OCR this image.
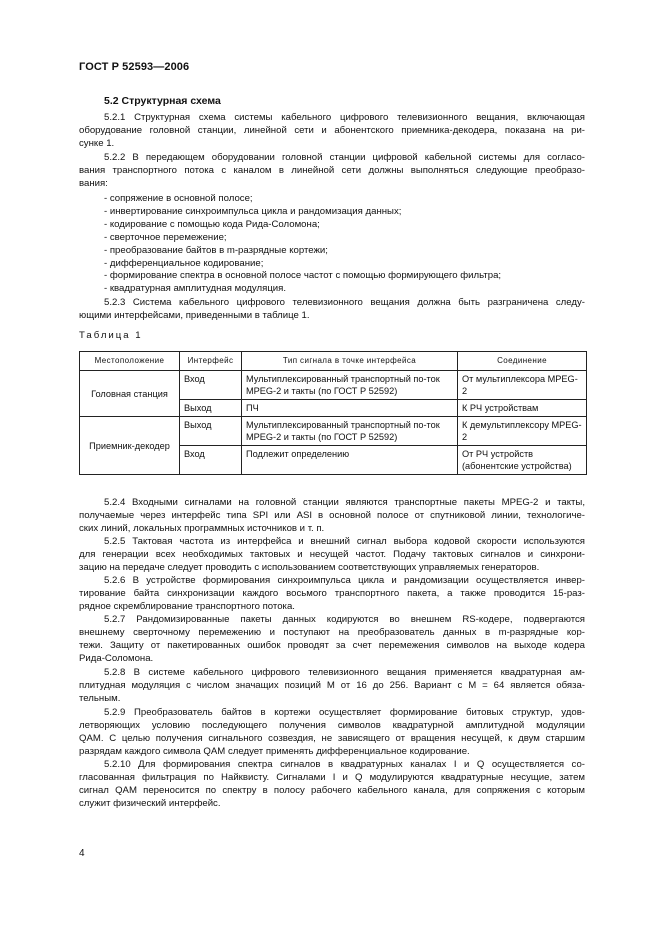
ГОСТ Р 52593—2006
5.2 Структурная схема
5.2.1 Структурная схема системы кабельного цифрового телевизионного вещания, включающая
оборудование головной станции, линейной сети и абонентского приемника-декодера, показана на ри-
сунке 1.
5.2.2 В передающем оборудовании головной станции цифровой кабельной системы для согласо-
вания транспортного потока с каналом в линейной сети должны выполняться следующие преобразо-
вания:
- сопряжение в основной полосе;
- инвертирование синхроимпульса цикла и рандомизация данных;
- кодирование с помощью кода Рида-Соломона;
- сверточное перемежение;
- преобразование байтов в m-разрядные кортежи;
- дифференциальное кодирование;
- формирование спектра в основной полосе частот с помощью формирующего фильтра;
- квадратурная амплитудная модуляция.
5.2.3 Система кабельного цифрового телевизионного вещания должна быть разграничена следу-
ющими интерфейсами, приведенными в таблице 1.
Таблица 1
Местоположение	Интерфейс	Тип сигнала в точке интерфейса	Соединение
Головная станция	Вход	Мультиплексированный транспортный по-ток MPEG-2 и такты (по ГОСТ Р 52592)	От мультиплексора MPEG-2
	Выход	ПЧ	К РЧ устройствам
Приемник-декодер	Выход	Мультиплексированный транспортный по-ток MPEG-2 и такты (по ГОСТ Р 52592)	К демультиплексору MPEG-2
	Вход	Подлежит определению	От РЧ устройств (абонентские устройства)
5.2.4 Входными сигналами на головной станции являются транспортные пакеты MPEG-2 и такты,
получаемые через интерфейс типа SPI или ASI в основной полосе от спутниковой линии, технологиче-
ских линий, локальных программных источников и т. п.
5.2.5 Тактовая частота из интерфейса и внешний сигнал выбора кодовой скорости используются
для генерации всех необходимых тактовых и несущей частот. Подачу тактовых сигналов и синхрони-
зацию на передаче следует проводить с использованием соответствующих управляемых генераторов.
5.2.6 В устройстве формирования синхроимпульса цикла и рандомизации осуществляется инвер-
тирование байта синхронизации каждого восьмого транспортного пакета, а также проводится 15-раз-
рядное скремблирование транспортного потока.
5.2.7 Рандомизированные пакеты данных кодируются во внешнем RS-кодере, подвергаются
внешнему сверточному перемежению и поступают на преобразователь данных в m-разрядные кор-
тежи. Защиту от пакетированных ошибок проводят за счет перемежения символов на выходе кодера
Рида-Соломона.
5.2.8 В системе кабельного цифрового телевизионного вещания применяется квадратурная ам-
плитудная модуляция с числом значащих позиций M от 16 до 256. Вариант с M = 64 является обяза-
тельным.
5.2.9 Преобразователь байтов в кортежи осуществляет формирование битовых структур, удов-
летворяющих условию последующего получения символов квадратурной амплитудной модуляции
QAM. С целью получения сигнального созвездия, не зависящего от вращения несущей, к двум старшим
разрядам каждого символа QAM следует применять дифференциальное кодирование.
5.2.10 Для формирования спектра сигналов в квадратурных каналах I и Q осуществляется со-
гласованная фильтрация по Найквисту. Сигналами I и Q модулируются квадратурные несущие, затем
сигнал QAM переносится по спектру в полосу рабочего кабельного канала, для сопряжения с которым
служит физический интерфейс.
4
